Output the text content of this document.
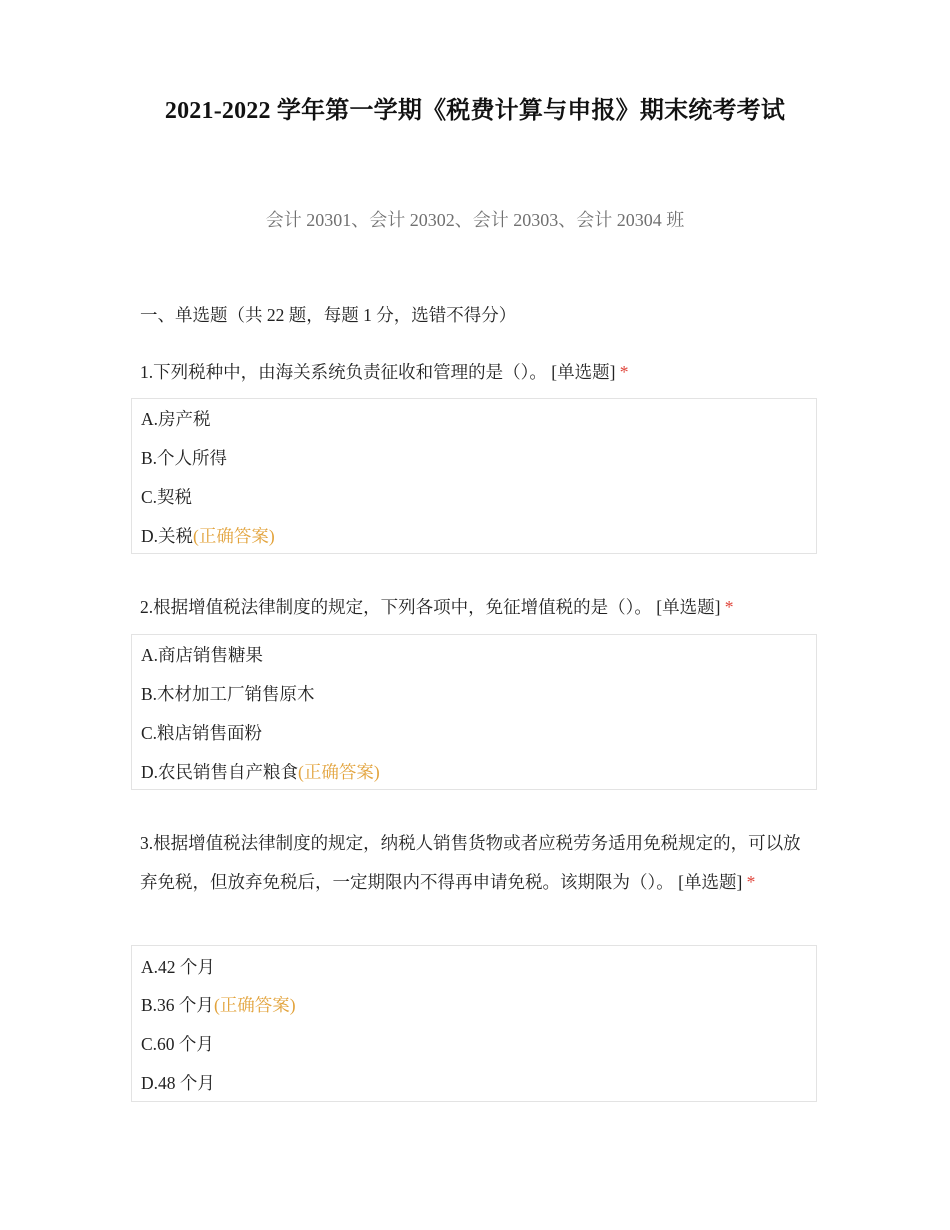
2021-2022 学年第一学期《税费计算与申报》期末统考考试
会计 20301、会计 20302、会计 20303、会计 20304 班
一、单选题（共 22 题，每题 1 分，选错不得分）
1.下列税种中，由海关系统负责征收和管理的是（）。 [单选题] *
A.房产税
B.个人所得
C.契税
D.关税(正确答案)
2.根据增值税法律制度的规定，下列各项中，免征增值税的是（）。 [单选题] *
A.商店销售糖果
B.木材加工厂销售原木
C.粮店销售面粉
D.农民销售自产粮食(正确答案)
3.根据增值税法律制度的规定，纳税人销售货物或者应税劳务适用免税规定的，可以放弃免税，但放弃免税后，一定期限内不得再申请免税。该期限为（）。 [单选题] *
A.42 个月
B.36 个月(正确答案)
C.60 个月
D.48 个月
